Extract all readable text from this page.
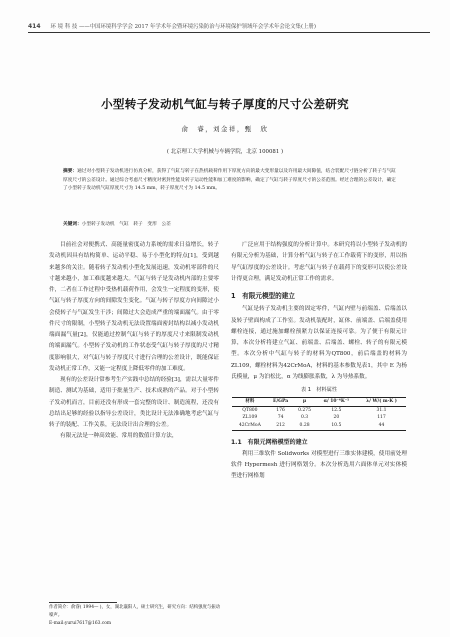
414 环 境 科 技 ——中国环境科学学会 2017 年学术年会暨环境污染防治与环境保护领域年会学术年会论文集(上册)
小型转子发动机气缸与转子厚度的尺寸公差研究
俞　睿，刘金祥，甄　欣
( 北京理工大学机械与车辆学院，北京 100081 )
摘要：通过对小型转子发动机进行仿真分析，获得了气缸与转子在热机载荷作用下厚度方向的最大变形量以及许用最大间隙值，结合装配尺寸链分析了转子与气缸厚度尺寸的公差设计。通过综合考虑尺寸精度对密封性能及转子运动性能和加工难度的影响，确定了气缸与转子厚度尺寸的公差范围。经过合理的公差设计，确定了小型转子发动机气缸厚度尺寸为 14.5 mm，转子厚度尺寸为 14.5 mm。
关键词：小型转子发动机　气缸　转子　变形　公差

目前社会对便携式、高能量密度动力系统的需求日益增长，转子发动机因具有结构简单、运动平稳、易于小型化的特点[1]，受到越来越多的关注。随着转子发动机小型化发展迅速，发动机零部件的尺寸越来越小，加工难度越来越大。气缸与转子是发动机内部的主要零件，二者在工作过程中受热机载荷作用，会发生一定程度的变形，使气缸与转子厚度方向的间隙发生变化。气缸与转子厚度方向间隙过小会使转子与气缸发生干涉；间隙过大会造成严重的端面漏气。由于零件尺寸的限制，小型转子发动机无法设置端面密封结构以减小发动机端面漏气量[2]，仅能通过控制气缸与转子的厚度尺寸来限制发动机的端面漏气。小型转子发动机的工作状态受气缸与转子厚度的尺寸精度影响很大，对气缸与转子厚度尺寸进行合理的公差设计，既能保证发动机正常工作，又能一定程度上降低零件的加工难度。

现有的公差设计常参考生产实践中总结的经验[3]，需以大量零件制造、测试为基础，适用于批量生产、技术成熟的产品。对于小型转子发动机而言，目前还没有形成一套完整的设计、制造流程，还没有总结出足够的经验以指导公差设计，类比设计无法准确地考虑气缸与转子的装配、工作关系，无法设计出合理的公差。

有限元法是一种高效能、常用的数值计算方法，

广泛应用于结构强度的分析计算中。本研究将以小型转子发动机的有限元分析为基础，计算分析气缸与转子在工作载荷下的变形，用以指导气缸厚度的公差设计。考虑气缸与转子在载荷下的变形可以使公差设计得更合理，满足发动机正常工作的需求。

1　有限元模型的建立

气缸是转子发动机主要的固定零件，气缸内壁与前端盖、后端盖以及转子壁面构成了工作室。发动机装配时，缸体、前端盖、后端盖使用螺栓连接，通过施加螺栓预紧力以保证连接可靠。为了便于有限元计算，本次分析将建立气缸、前端盖、后端盖、螺栓、转子的有限元模型。本次分析中气缸与转子的材料为QT800，前后端盖的材料为ZL109，螺栓材料为42CrMoA，材料的基本参数见表1，其中 E 为杨氏模量，μ 为泊松比，α 为线膨胀系数，λ 为导热系数。

表 1　材料属性
材料	E/GPa	μ	α/ 10⁻⁶K⁻¹	λ/ W/( m·K )
QT800	176	0.275	12.5	31.1
ZL109	74	0.3	20	117
42CrMoA	212	0.28	10.5	44
1.1　有限元网格模型的建立

利用三维软件 Solidworks 对模型进行三维实体建模，使用前处理软件 Hypermesh 进行网格划分。本次分析选用六面体单元对实体模型进行网格划

作者简介：俞睿( 1994— )，女，湖北襄阳人，硕士研究生，研究方向：结构强度与振动噪声。
E-mail:yurui7617@163.com
